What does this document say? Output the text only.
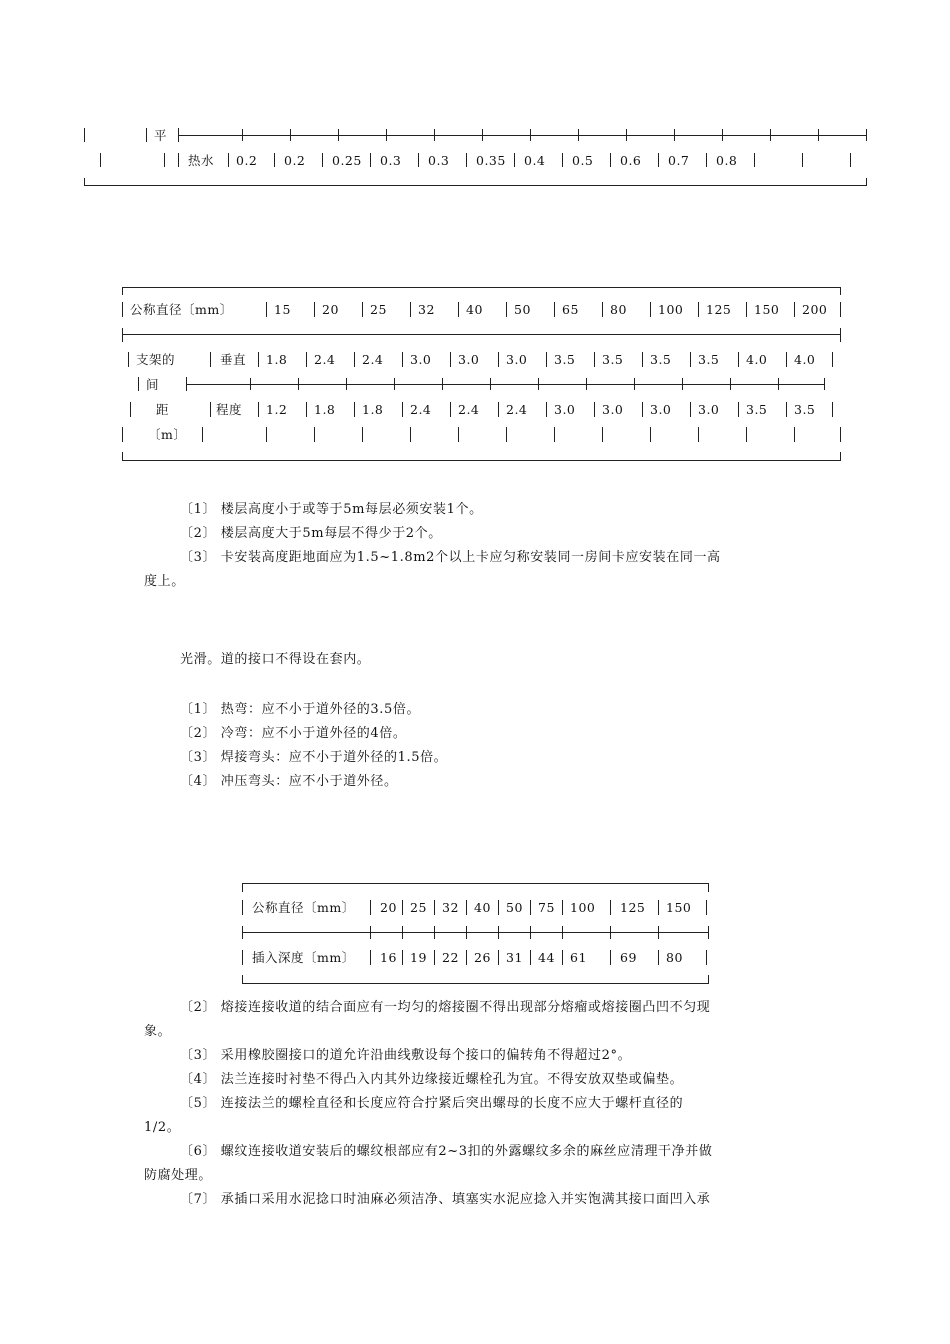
平
热水 0.2 0.2 0.25 0.3 0.3 0.35 0.4 0.5 0.6 0.7 0.8
公称直径〔mm〕	15 20 25 32 40 50 65 80 100 125 150 200
支架的	垂直 1.8 2.4 2.4 3.0 3.0 3.0 3.5 3.5 3.5 3.5 4.0 4.0
间
距	程度 1.2 1.8 1.8 2.4 2.4 2.4 3.0 3.0 3.0 3.0 3.5 3.5
〔m〕
〔1〕 楼层高度小于或等于5m每层必须安装1个。
〔2〕 楼层高度大于5m每层不得少于2个。
〔3〕 卡安装高度距地面应为1.5~1.8m2个以上卡应匀称安装同一房间卡应安装在同一高
度上。
光滑。道的接口不得设在套内。
〔1〕 热弯：应不小于道外径的3.5倍。
〔2〕 冷弯：应不小于道外径的4倍。
〔3〕 焊接弯头：应不小于道外径的1.5倍。
〔4〕 冲压弯头：应不小于道外径。
公称直径〔mm〕 20 25 32 40 50 75 100 125 150
插入深度〔mm〕 16 19 22 26 31 44 61	69 80
〔2〕 熔接连接收道的结合面应有一均匀的熔接圈不得出现部分熔瘤或熔接圈凸凹不匀现
象。
〔3〕 采用橡胶圈接口的道允许沿曲线敷设每个接口的偏转角不得超过2°。
〔4〕 法兰连接时衬垫不得凸入内其外边缘接近螺栓孔为宜。不得安放双垫或偏垫。
〔5〕 连接法兰的螺栓直径和长度应符合拧紧后突出螺母的长度不应大于螺杆直径的
1/2。
〔6〕 螺纹连接收道安装后的螺纹根部应有2~3扣的外露螺纹多余的麻丝应清理干净并做
防腐处理。
〔7〕 承插口采用水泥捻口时油麻必须洁净、填塞实水泥应捻入并实饱满其接口面凹入承
